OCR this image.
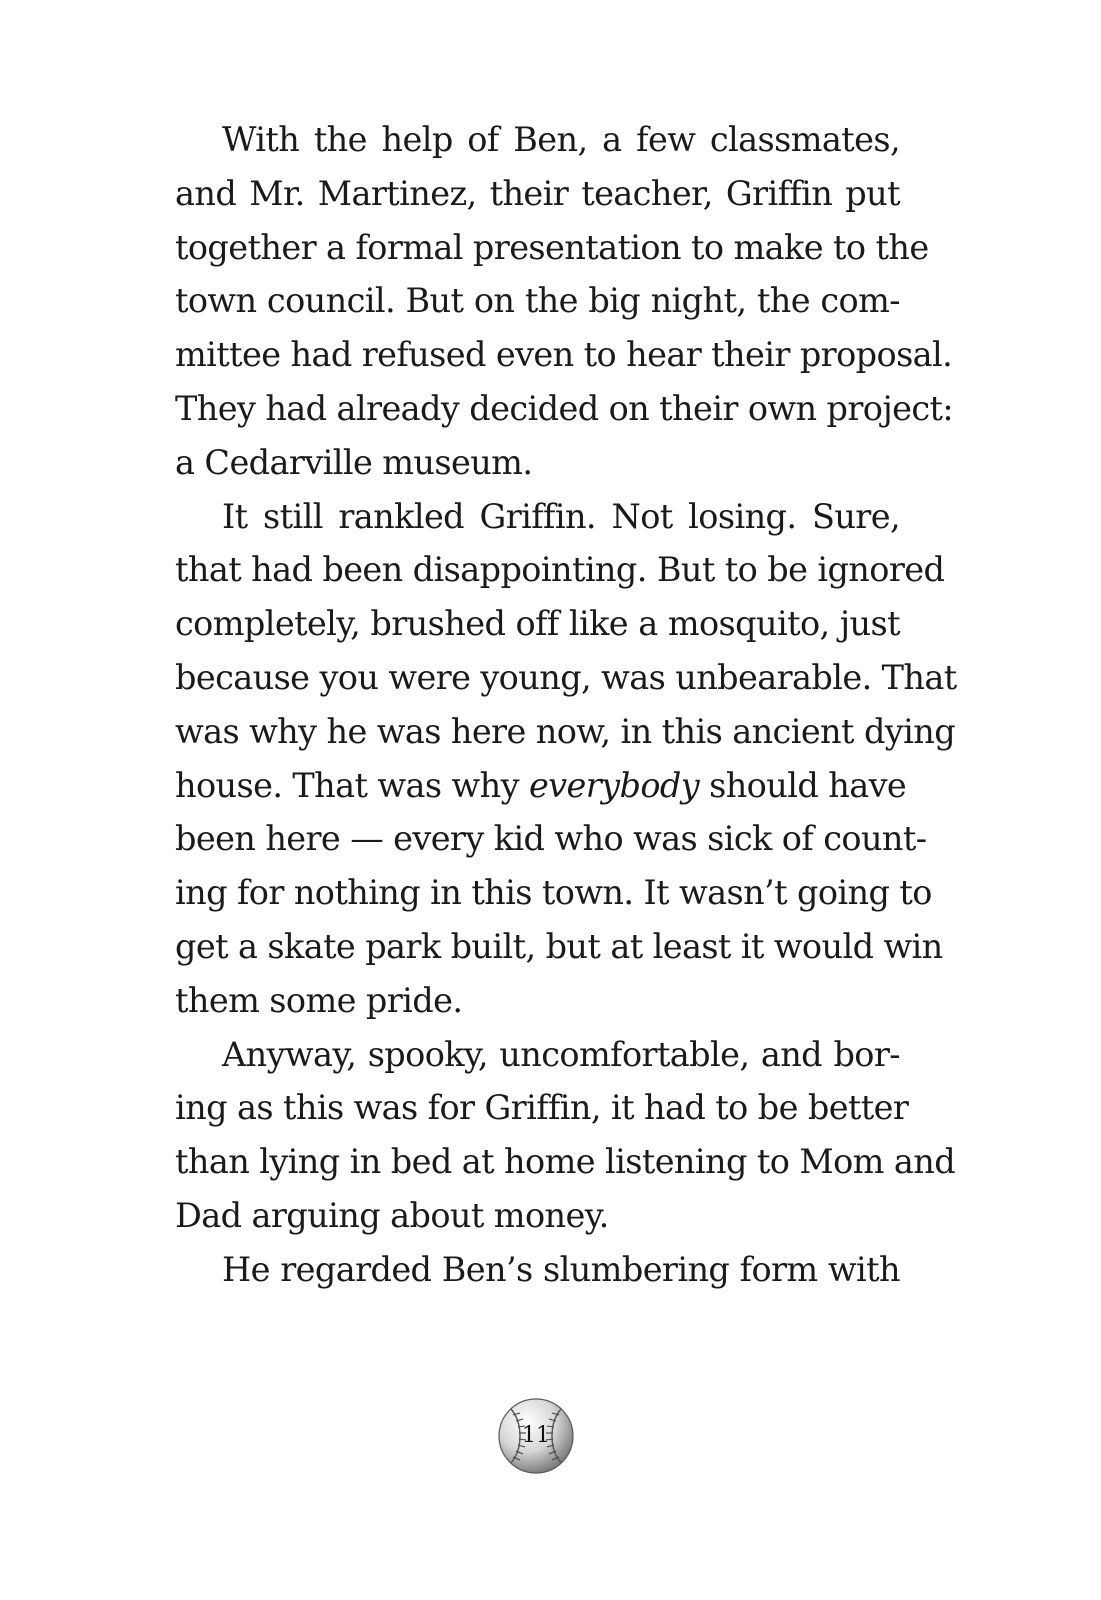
With the help of Ben, a few classmates,
and Mr. Martinez, their teacher, Griffin put
together a formal presentation to make to the
town council. But on the big night, the com-
mittee had refused even to hear their proposal.
They had already decided on their own project:
a Cedarville museum.
It still rankled Griffin. Not losing. Sure,
that had been disappointing. But to be ignored
completely, brushed off like a mosquito, just
because you were young, was unbearable. That
was why he was here now, in this ancient dying
house. That was why everybody should have
been here — every kid who was sick of count-
ing for nothing in this town. It wasn’t going to
get a skate park built, but at least it would win
them some pride.
Anyway, spooky, uncomfortable, and bor-
ing as this was for Griffin, it had to be better
than lying in bed at home listening to Mom and
Dad arguing about money.
He regarded Ben’s slumbering form with
11
